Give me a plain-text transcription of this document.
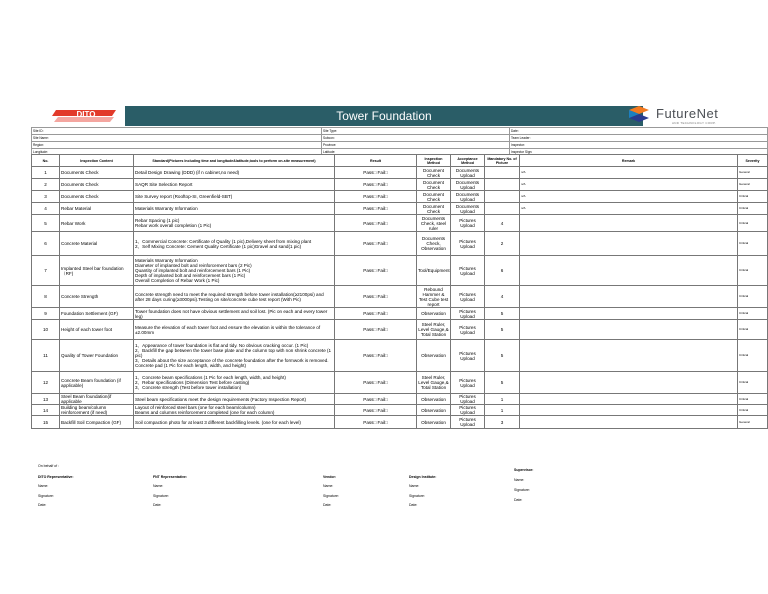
DITO	Tower Foundation	FutureNet
AND TECHNOLOGY CORP.
Site ID:	Site Type:	Date:
Site Name:	Subcon:	Team Leader:
Region:	Province:	Inspector:
Longitude:	Latitude:	Inspector Sign:
No.	Inspection Content	Standard(Pictures Including time and longitude&latitude,tools to perform on-site measurement)	Result	Inspection Method	Acceptance Method	Mandatory No. of Picture	Remark	Severity
1	Documents Check	Detail Design Drawing (DDD) (if n cabinet,no need)	Pass□ Fail□	Document Check	Documents Upload		n/A	General
2	Documents Check	SAQR Site Selection Report	Pass□ Fail□	Document Check	Documents Upload		n/A	General
3	Documents Check	Site Survey report (Rooftop-SI, Greenfield-SBT)	Pass□ Fail□	Document Check	Documents Upload		n/A	Critical
4	Rebar Material	Materials Warranty Information	Pass□ Fail□	Document Check	Documents Upload		n/A	Critical
5	Rebar Work	Rebar Spacing (1 pic)
Rebar work overall completion (1 Pic)	Pass□ Fail□	Documents Check, steel ruler	Pictures Upload	4		Critical
6	Concrete Material	1、Commercial Concrete: Certificate of Quality (1 pic),Delivery sheet from mixing plant
2、Self Mixing Concrete: Cement Quality Certificate (1 pic)Gravel and sand(1 pic)	Pass□ Fail□	Documents Check, Observation	Pictures Upload	2		Critical
7	Implanted Steel bar foundation （RF)	Materials Warranty Information
Diameter of implanted bolt and reinforcement bars (2 Pic)
Quantity of implanted bolt and reinforcement bars (1 Pic)
Depth of implanted bolt and reinforcement bars (1 Pic)
Overall Completion of Rebar Work (1 Pic)	Pass□ Fail□	Tool/Equipment	Pictures Upload	6		Critical
8	Concrete Strength	Concrete strength need to meet the required strength before tower installation(≥2100psi) and after 28 days curing(≥3000psi).Testing on site/concrete cube test report (With Pic)	Pass□ Fail□	Rebound Hammer & Test Cube test report	Pictures Upload	4		Critical
9	Foundation Settlement (GF)	Tower foundation does not have obvious settlement and soil lost. (Pic on each and every tower leg)	Pass□ Fail□	Observation	Pictures Upload	5		Critical
10	Height of each tower foot	Measure the elevation of each tower foot and ensure the elevation is within the tolerance of ±2.00mm	Pass□ Fail□	Steel Ruler, Level Gauge,& Total Station	Pictures Upload	5		Critical
11	Quality of Tower Foundation	1、Appearance of tower foundation is flat and tidy. No obvious cracking occur. (1 Pic)
2、Backfill the gap between the tower base plate and the column top with non shrink concrete (1 pic)
3、Details about the size acceptance of the concrete foundation after the formwork is removed. Concrete pad (1 Pic for each length, width, and height)	Pass□ Fail□	Observation	Pictures Upload	5		Critical
12	Concrete Beam foundation (if applicable)	1、Concrete beam specifications (1 Pic for each length, width, and height)
2、Rebar specifications (Dimension Test before casting)
3、Concrete strength (Test before tower installation)	Pass□ Fail□	Steel Ruler, Level Gauge,& Total Station	Pictures Upload	5		Critical
13	Steel Beam foundation(if applicable	Steel beam specifications meet the design requirements (Factory Inspection Report)	Pass□ Fail□	Observation	Pictures Upload	1		Critical
14	Building beam/column reinforcement (if need)	Layout of reinforced steel bars (one for each beam/column)
Beams and columns reinforcement completed (one for each column)	Pass□ Fail□	Observation	Pictures Upload	1		Critical
15	Backfill Soil Compaction (GF)	Soil compaction photo for at least 3 different backfilling levels. (one for each level)	Pass□ Fail□	Observation	Pictures Upload	3		General
On behalf of :
DITO Representative:
Name:
Signature:
Date:
FNT Representative:
Name:
Signature:
Date:
Vendor:
Name:
Signature:
Date:
Design Institute:
Name:
Signature:
Date:
Supervisor:
Name:
Signature:
Date:
